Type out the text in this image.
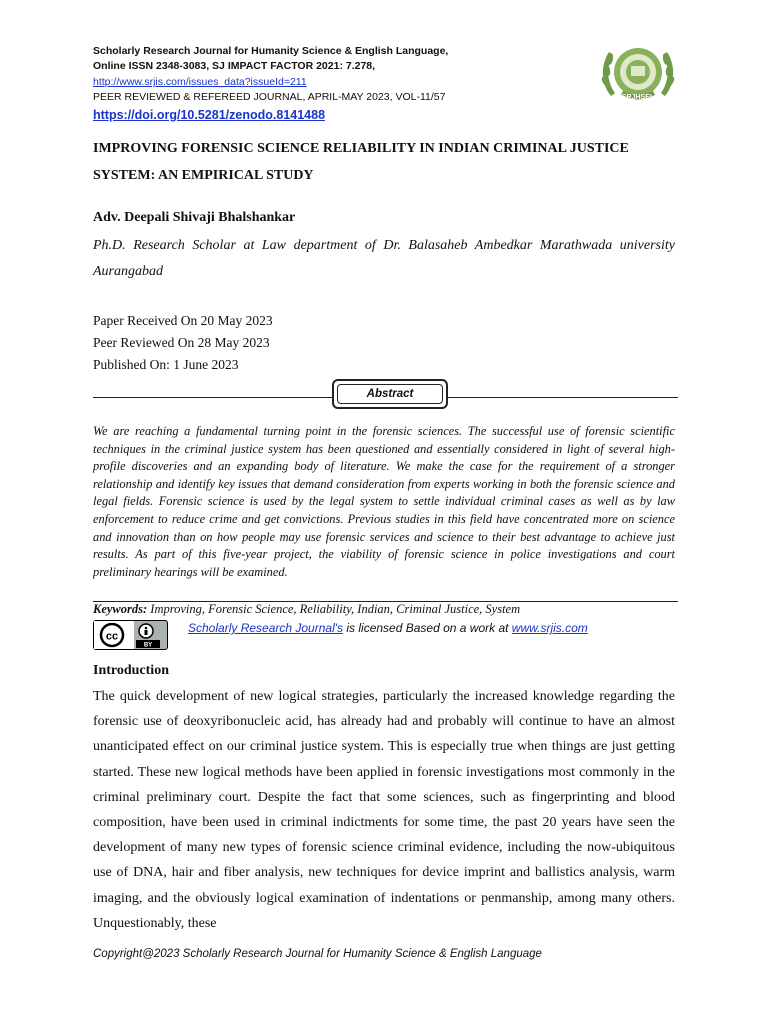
Scholarly Research Journal for Humanity Science & English Language,
Online ISSN 2348-3083, SJ IMPACT FACTOR 2021: 7.278,
http://www.srjis.com/issues_data?issueId=211
PEER REVIEWED & REFEREED JOURNAL, APRIL-MAY 2023, VOL-11/57
https://doi.org/10.5281/zenodo.8141488
SRJHSEL
IMPROVING FORENSIC SCIENCE RELIABILITY IN INDIAN CRIMINAL JUSTICE SYSTEM: AN EMPIRICAL STUDY
Adv. Deepali Shivaji Bhalshankar
Ph.D. Research Scholar at Law department of Dr. Balasaheb Ambedkar Marathwada university Aurangabad
Paper Received On 20 May 2023
Peer Reviewed On 28 May 2023
Published On: 1 June 2023
Abstract
We are reaching a fundamental turning point in the forensic sciences. The successful use of forensic scientific techniques in the criminal justice system has been questioned and essentially considered in light of several high-profile discoveries and an expanding body of literature. We make the case for the requirement of a stronger relationship and identify key issues that demand consideration from experts working in both the forensic science and legal fields. Forensic science is used by the legal system to settle individual criminal cases as well as by law enforcement to reduce crime and get convictions. Previous studies in this field have concentrated more on science and innovation than on how people may use forensic services and science to their best advantage to achieve just results. As part of this five-year project, the viability of forensic science in police investigations and court preliminary hearings will be examined.
Keywords: Improving, Forensic Science, Reliability, Indian, Criminal Justice, System
cc
BY
Scholarly Research Journal's is licensed Based on a work at www.srjis.com
Introduction
The quick development of new logical strategies, particularly the increased knowledge regarding the forensic use of deoxyribonucleic acid, has already had and probably will continue to have an almost unanticipated effect on our criminal justice system. This is especially true when things are just getting started. These new logical methods have been applied in forensic investigations most commonly in the criminal preliminary court. Despite the fact that some sciences, such as fingerprinting and blood composition, have been used in criminal indictments for some time, the past 20 years have seen the development of many new types of forensic science criminal evidence, including the now-ubiquitous use of DNA, hair and fiber analysis, new techniques for device imprint and ballistics analysis, warm imaging, and the obviously logical examination of indentations or penmanship, among many others. Unquestionably, these
Copyright@2023 Scholarly Research Journal for Humanity Science & English Language
